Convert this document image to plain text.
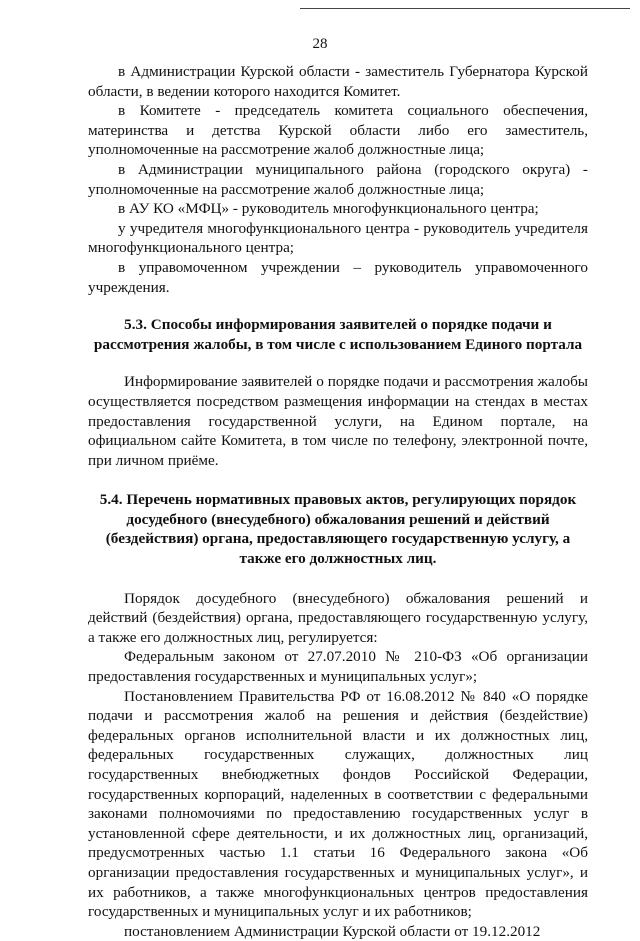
28

в Администрации Курской области - заместитель Губернатора Курской области, в ведении которого находится Комитет.

в Комитете - председатель комитета социального обеспечения, материнства и детства Курской области либо его заместитель, уполномоченные на рассмотрение жалоб должностные лица;

в Администрации муниципального района (городского округа) - уполномоченные на рассмотрение жалоб должностные лица;

в АУ КО «МФЦ» - руководитель многофункционального центра;

у учредителя многофункционального центра - руководитель учредителя многофункционального центра;

в управомоченном учреждении – руководитель управомоченного учреждения.

5.3. Способы информирования заявителей о порядке подачи и рассмотрения жалобы, в том числе с использованием Единого портала

Информирование заявителей о порядке подачи и рассмотрения жалобы осуществляется посредством размещения информации на стендах в местах предоставления государственной услуги, на Едином портале, на официальном сайте Комитета, в том числе по телефону, электронной почте, при личном приёме.

5.4. Перечень нормативных правовых актов, регулирующих порядок досудебного (внесудебного) обжалования решений и действий (бездействия) органа, предоставляющего государственную услугу, а также его должностных лиц.

Порядок досудебного (внесудебного) обжалования решений и действий (бездействия) органа, предоставляющего государственную услугу, а также его должностных лиц, регулируется:

Федеральным законом от 27.07.2010 № 210-ФЗ «Об организации предоставления государственных и муниципальных услуг»;

Постановлением Правительства РФ от 16.08.2012 № 840 «О порядке подачи и рассмотрения жалоб на решения и действия (бездействие) федеральных органов исполнительной власти и их должностных лиц, федеральных государственных служащих, должностных лиц государственных внебюджетных фондов Российской Федерации, государственных корпораций, наделенных в соответствии с федеральными законами полномочиями по предоставлению государственных услуг в установленной сфере деятельности, и их должностных лиц, организаций, предусмотренных частью 1.1 статьи 16 Федерального закона «Об организации предоставления государственных и муниципальных услуг», и их работников, а также многофункциональных центров предоставления государственных и муниципальных услуг и их работников;

постановлением Администрации Курской области от 19.12.2012
